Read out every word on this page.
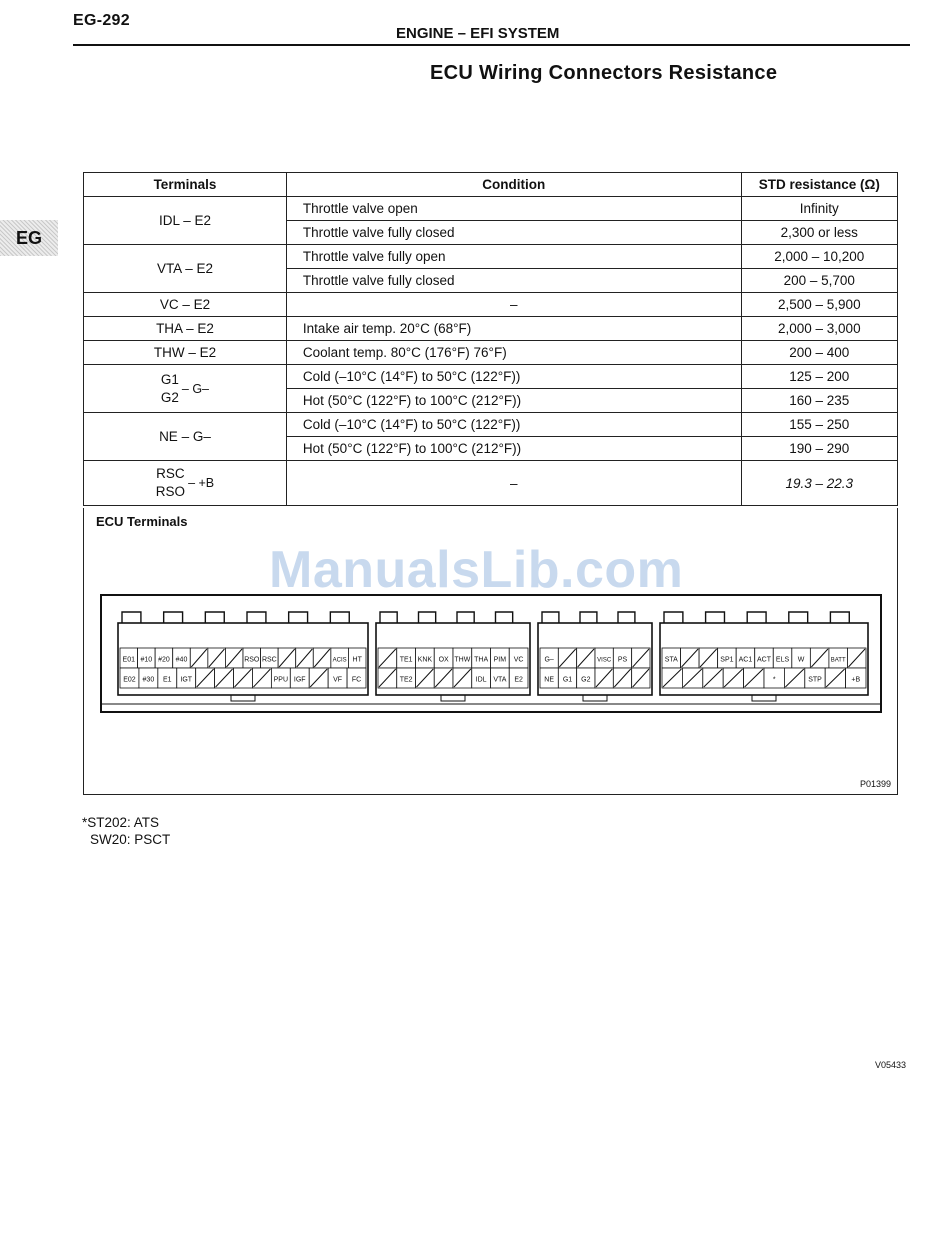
EG-292
ENGINE – EFI SYSTEM
ECU Wiring Connectors Resistance
EG
Terminals	Condition	STD resistance (Ω)
IDL – E2	Throttle valve open	Infinity
	Throttle valve fully closed	2,300 or less
VTA – E2	Throttle valve fully open	2,000 – 10,200
	Throttle valve fully closed	200 – 5,700
VC – E2	–	2,500 – 5,900
THA – E2	Intake air temp. 20°C (68°F)	2,000 – 3,000
THW – E2	Coolant temp. 80°C (176°F) 76°F)	200 – 400

G1
G2
– G–	Cold (–10°C (14°F) to 50°C (122°F))	125 – 200
	Hot (50°C (122°F) to 100°C (212°F))	160 – 235
NE – G–	Cold (–10°C (14°F) to 50°C (122°F))	155 – 250
	Hot (50°C (122°F) to 100°C (212°F))	190 – 290

RSC
RSO
– +B	–	19.3 – 22.3
ECU Terminals
ManualsLib.com
E01 #10 #20 #40	RSO RSC	ACIS HT
E02 #30 E1 IGT	PPU IGF	VF FC
TE1 KNK OX THW THA PIM VC
TE2	IDL VTA E2
G–	VISC PS
NE G1 G2
STA	SP1 AC1 ACT ELS W	BATT
*	STP	+B
P01399
*ST202: ATS
SW20: PSCT
V05433
